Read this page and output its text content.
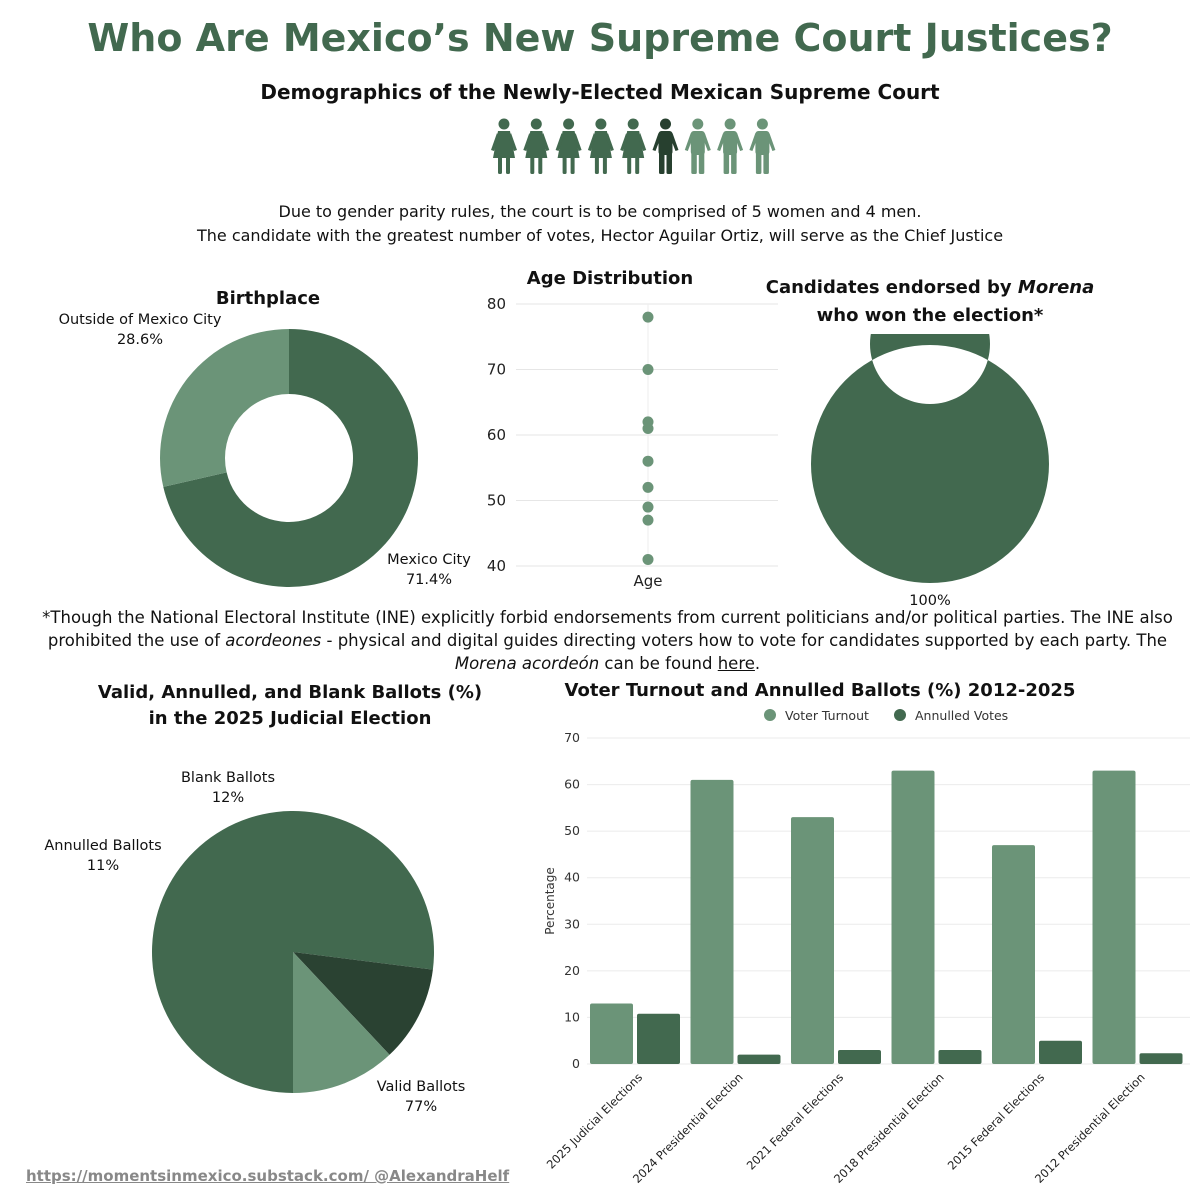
Who Are Mexico’s New Supreme Court Justices?
Demographics of the Newly-Elected Mexican Supreme Court
Due to gender parity rules, the court is to be comprised of 5 women and 4 men.
The candidate with the greatest number of votes, Hector Aguilar Ortiz, will serve as the Chief Justice
Birthplace
Outside of Mexico City
28.6%
Mexico City
71.4%
Age Distribution
40
50
60
70
80
Age
Candidates endorsed by Morena
who won the election*
100%
*Though the National Electoral Institute (INE) explicitly forbid endorsements from current politicians and/or political parties. The INE also prohibited the use of acordeones - physical and digital guides directing voters how to vote for candidates supported by each party. The Morena acordeón can be found here.
Valid, Annulled, and Blank Ballots (%)
in the 2025 Judicial Election
Blank Ballots
12%
Annulled Ballots
11%
Valid Ballots
77%
Voter Turnout and Annulled Ballots (%) 2012-2025
Voter Turnout	Annulled Votes
0
10
20
30
40
50
60
70
Percentage
2025 Judicial Elections
2024 Presidential Election
2021 Federal Elections
2018 Presidential Election
2015 Federal Elections
2012 Presidential Election
https://momentsinmexico.substack.com/ @AlexandraHelf
